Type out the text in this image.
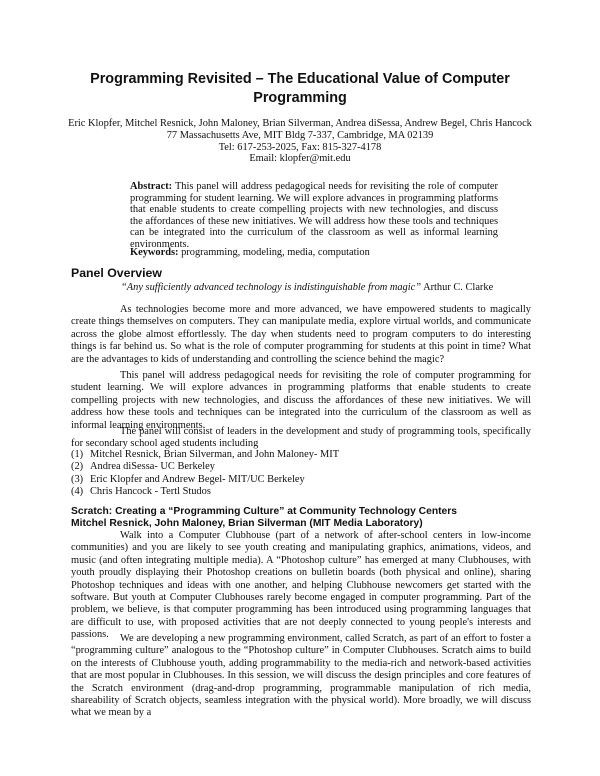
Programming Revisited – The Educational Value of Computer Programming
Eric Klopfer, Mitchel Resnick, John Maloney, Brian Silverman, Andrea diSessa, Andrew Begel, Chris Hancock
77 Massachusetts Ave, MIT Bldg 7-337, Cambridge, MA 02139
Tel: 617-253-2025, Fax: 815-327-4178
Email: klopfer@mit.edu

Abstract: This panel will address pedagogical needs for revisiting the role of computer programming for student learning. We will explore advances in programming platforms that enable students to create compelling projects with new technologies, and discuss the affordances of these new initiatives. We will address how these tools and techniques can be integrated into the curriculum of the classroom as well as informal learning environments.

Keywords: programming, modeling, media, computation

Panel Overview

“Any sufficiently advanced technology is indistinguishable from magic” Arthur C. Clarke

As technologies become more and more advanced, we have empowered students to magically create things themselves on computers. They can manipulate media, explore virtual worlds, and communicate across the globe almost effortlessly. The day when students need to program computers to do interesting things is far behind us. So what is the role of computer programming for students at this point in time? What are the advantages to kids of understanding and controlling the science behind the magic?

This panel will address pedagogical needs for revisiting the role of computer programming for student learning. We will explore advances in programming platforms that enable students to create compelling projects with new technologies, and discuss the affordances of these new initiatives. We will address how these tools and techniques can be integrated into the curriculum of the classroom as well as informal learning environments.

The panel will consist of leaders in the development and study of programming tools, specifically for secondary school aged students including

(1) Mitchel Resnick, Brian Silverman, and John Maloney- MIT
(2) Andrea diSessa- UC Berkeley
(3) Eric Klopfer and Andrew Begel- MIT/UC Berkeley
(4) Chris Hancock - Tertl Studos
Scratch: Creating a “Programming Culture” at Community Technology Centers
Mitchel Resnick, John Maloney, Brian Silverman (MIT Media Laboratory)

Walk into a Computer Clubhouse (part of a network of after-school centers in low-income communities) and you are likely to see youth creating and manipulating graphics, animations, videos, and music (and often integrating multiple media). A “Photoshop culture” has emerged at many Clubhouses, with youth proudly displaying their Photoshop creations on bulletin boards (both physical and online), sharing Photoshop techniques and ideas with one another, and helping Clubhouse newcomers get started with the software. But youth at Computer Clubhouses rarely become engaged in computer programming. Part of the problem, we believe, is that computer programming has been introduced using programming languages that are difficult to use, with proposed activities that are not deeply connected to young people's interests and passions.	We are developing a new programming environment, called Scratch, as part of an effort to foster a “programming culture” analogous to the “Photoshop culture” in Computer Clubhouses. Scratch aims to build on the interests of Clubhouse youth, adding programmability to the media-rich and network-based activities that are most popular in Clubhouses. In this session, we will discuss the design principles and core features of the Scratch environment (drag-and-drop programming, programmable manipulation of rich media, shareability of Scratch objects, seamless integration with the physical world). More broadly, we will discuss what we mean by a
